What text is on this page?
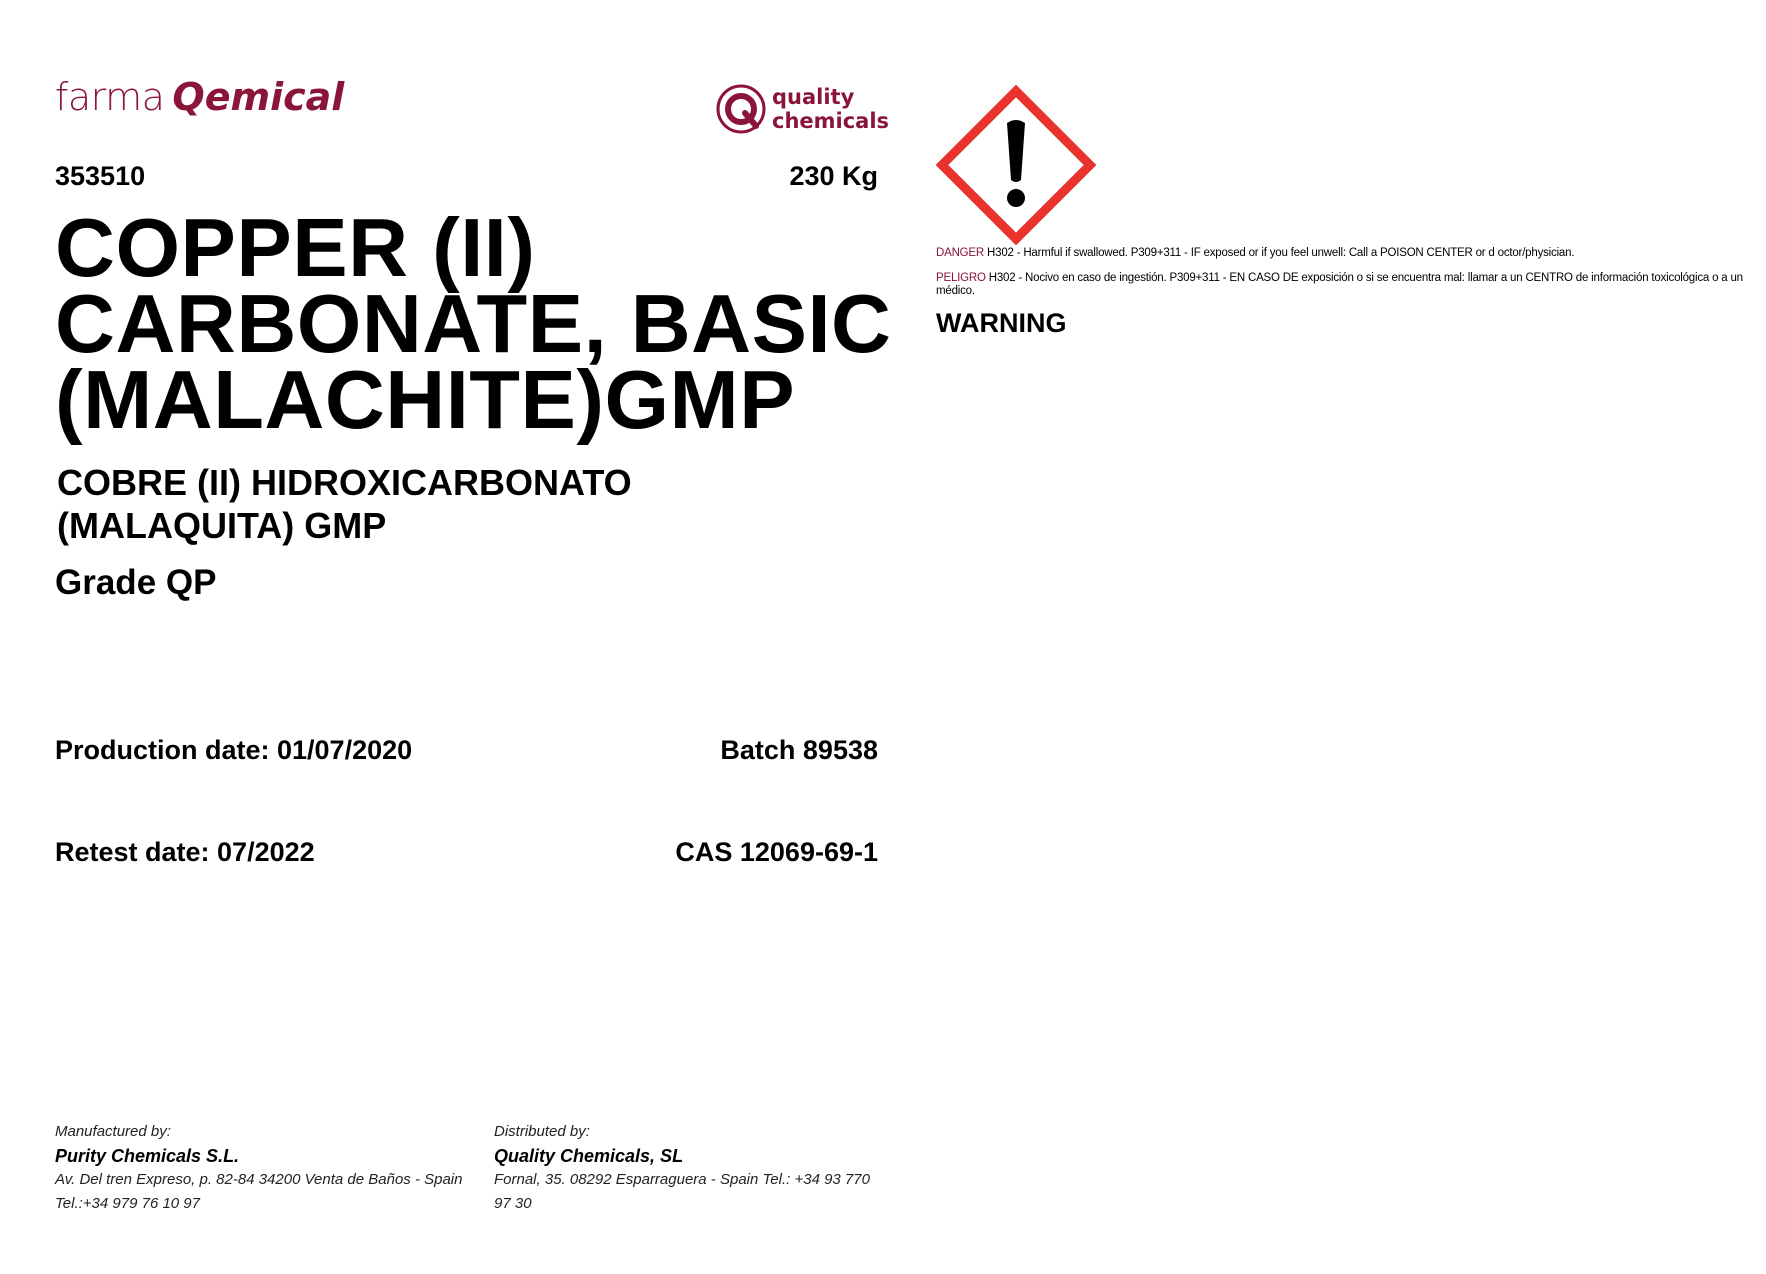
farma Qemical	quality
chemicals
353510	230 Kg
COPPER (II)
CARBONATE, BASIC
(MALACHITE)GMP
COBRE (II) HIDROXICARBONATO
(MALAQUITA) GMP
Grade QP
Production date: 01/07/2020	Batch 89538
Retest date: 07/2022	CAS 12069-69-1
Manufactured by:
Purity Chemicals S.L.
Av. Del tren Expreso, p. 82-84 34200 Venta de Baños - Spain
Tel.:+34 979 76 10 97
Distributed by:
Quality Chemicals, SL
Fornal, 35. 08292 Esparraguera - Spain Tel.: +34 93 770 97 30
DANGER H302 - Harmful if swallowed. P309+311 - IF exposed or if you feel unwell: Call a POISON CENTER or d octor/physician.
PELIGRO H302 - Nocivo en caso de ingestión. P309+311 - EN CASO DE exposición o si se encuentra mal: llamar a un CENTRO de información toxicológica o a un médico.
WARNING
